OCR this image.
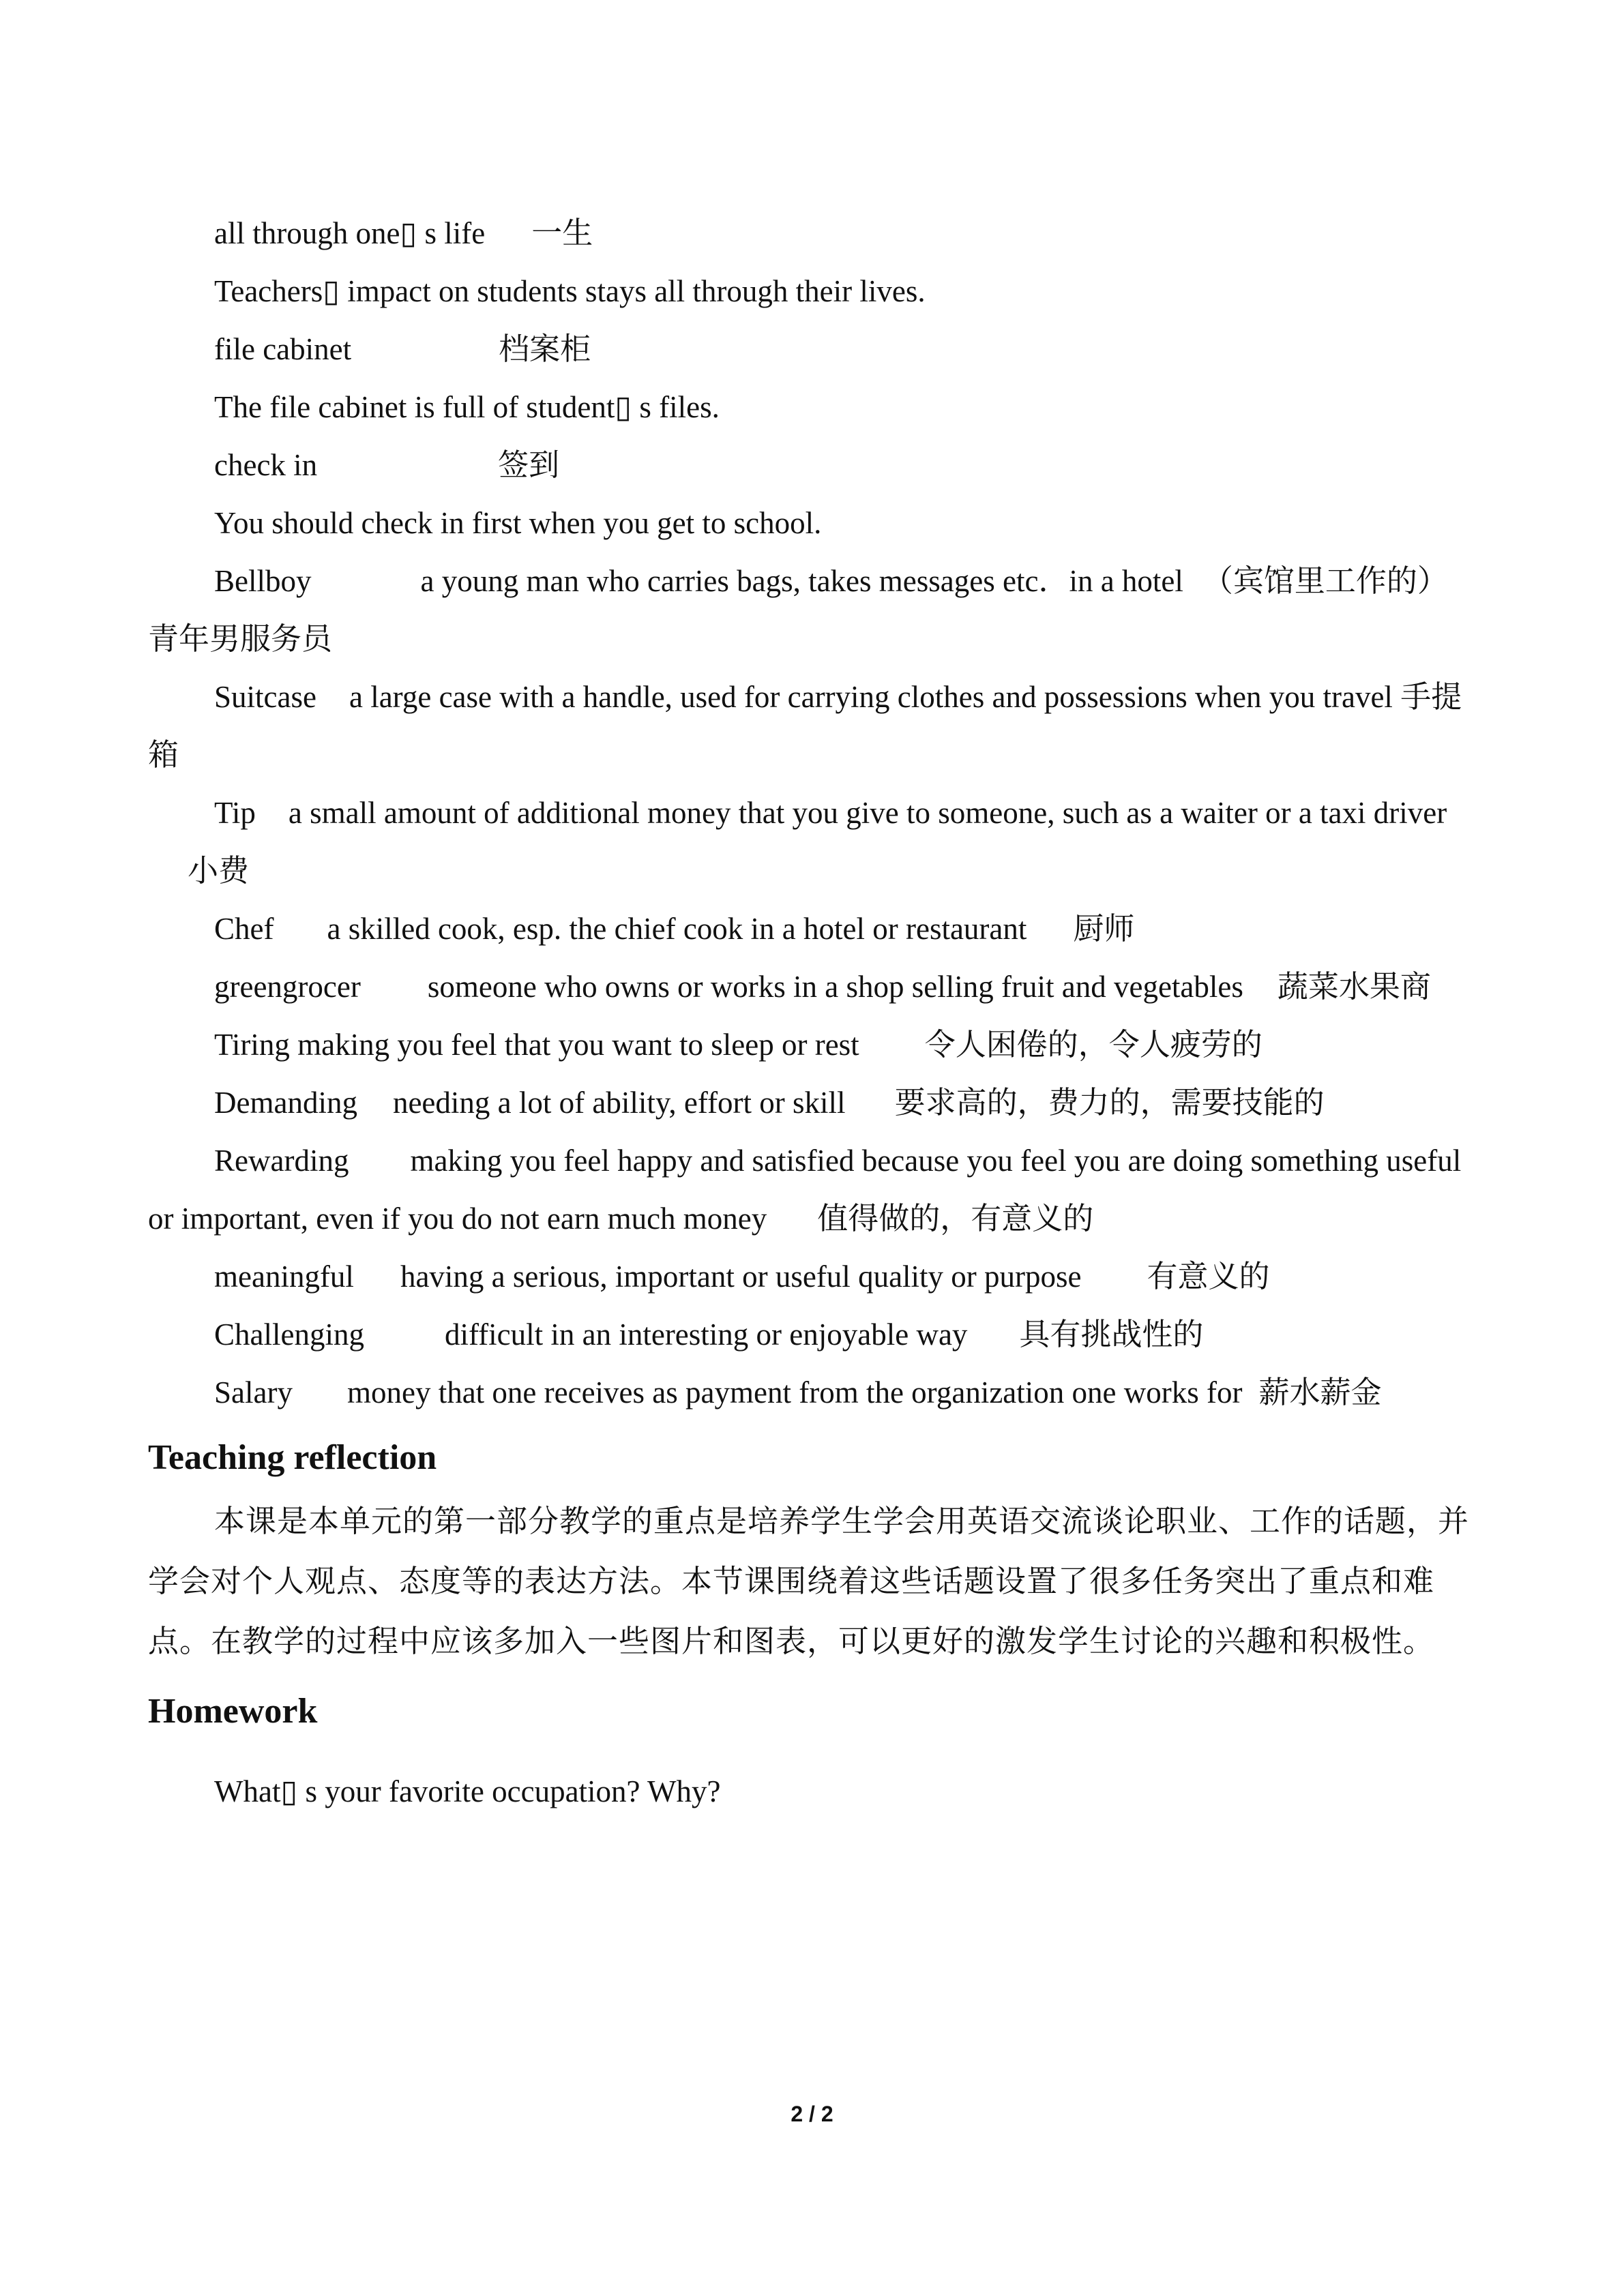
all through one▯ s life 一生

Teachers▯ impact on students stays all through their lives.

file cabinet	档案柜

The file cabinet is full of student▯ s files.

check in	签到

You should check in first when you get to school.

Bellboy	a young man who carries bags, takes messages etc．in a hotel （宾馆里工作的）青年男服务员

Suitcase a large case with a handle, used for carrying clothes and possessions when you travel 手提箱

Tip a small amount of additional money that you give to someone, such as a waiter or a taxi driver小费

Chef a skilled cook, esp. the chief cook in a hotel or restaurant 厨师

greengrocer someone who owns or works in a shop selling fruit and vegetables 蔬菜水果商

Tiring making you feel that you want to sleep or rest 令人困倦的，令人疲劳的

Demanding needing a lot of ability, effort or skill 要求高的，费力的，需要技能的

Rewarding making you feel happy and satisfied because you feel you are doing something useful or important, even if you do not earn much money 值得做的，有意义的

meaningful having a serious, important or useful quality or purpose 有意义的

Challenging	difficult in an interesting or enjoyable way 具有挑战性的

Salary money that one receives as payment from the organization one works for 薪水薪金

Teaching reflection

本课是本单元的第一部分教学的重点是培养学生学会用英语交流谈论职业、工作的话题，并学会对个人观点、态度等的表达方法。本节课围绕着这些话题设置了很多任务突出了重点和难点。在教学的过程中应该多加入一些图片和图表，可以更好的激发学生讨论的兴趣和积极性。

Homework

What▯ s your favorite occupation? Why?

2 / 2
